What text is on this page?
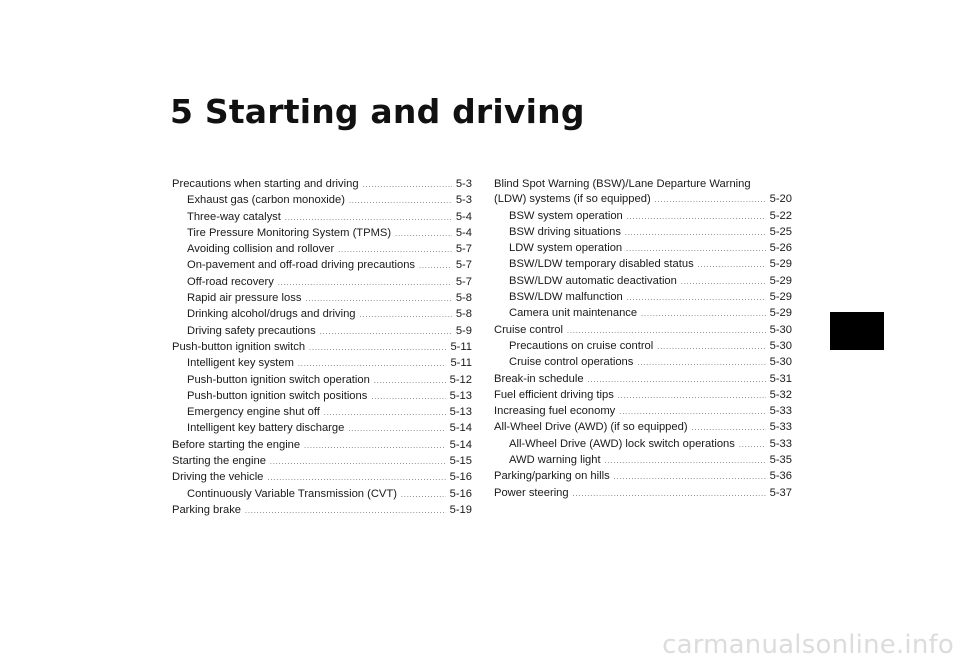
5 Starting and driving
Precautions when starting and driving .....	5-3
Exhaust gas (carbon monoxide) .....	5-3
Three-way catalyst .....	5-4
Tire Pressure Monitoring System (TPMS) .....	5-4
Avoiding collision and rollover .....	5-7
On-pavement and off-road driving precautions .....	5-7
Off-road recovery .....	5-7
Rapid air pressure loss .....	5-8
Drinking alcohol/drugs and driving .....	5-8
Driving safety precautions .....	5-9
Push-button ignition switch .....	5-11
Intelligent key system .....	5-11
Push-button ignition switch operation .....	5-12
Push-button ignition switch positions .....	5-13
Emergency engine shut off .....	5-13
Intelligent key battery discharge .....	5-14
Before starting the engine .....	5-14
Starting the engine .....	5-15
Driving the vehicle .....	5-16
Continuously Variable Transmission (CVT) .....	5-16
Parking brake .....	5-19
Blind Spot Warning (BSW)/Lane Departure Warning
(LDW) systems (if so equipped) .....	5-20
BSW system operation .....	5-22
BSW driving situations .....	5-25
LDW system operation .....	5-26
BSW/LDW temporary disabled status .....	5-29
BSW/LDW automatic deactivation .....	5-29
BSW/LDW malfunction .....	5-29
Camera unit maintenance .....	5-29
Cruise control .....	5-30
Precautions on cruise control .....	5-30
Cruise control operations .....	5-30
Break-in schedule .....	5-31
Fuel efficient driving tips .....	5-32
Increasing fuel economy .....	5-33
All-Wheel Drive (AWD) (if so equipped) .....	5-33
All-Wheel Drive (AWD) lock switch operations .....	5-33
AWD warning light .....	5-35
Parking/parking on hills .....	5-36
Power steering .....	5-37
carmanualsonline.info
